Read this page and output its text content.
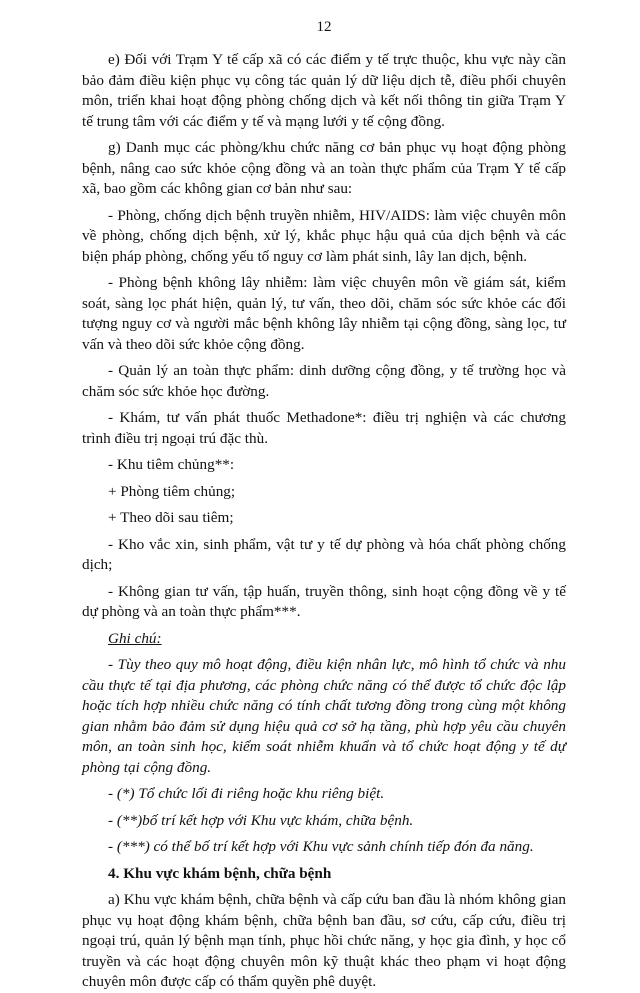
12

e) Đối với Trạm Y tế cấp xã có các điểm y tế trực thuộc, khu vực này cần bảo đảm điều kiện phục vụ công tác quản lý dữ liệu dịch tễ, điều phối chuyên môn, triển khai hoạt động phòng chống dịch và kết nối thông tin giữa Trạm Y tế trung tâm với các điểm y tế và mạng lưới y tế cộng đồng.

g) Danh mục các phòng/khu chức năng cơ bản phục vụ hoạt động phòng bệnh, nâng cao sức khỏe cộng đồng và an toàn thực phẩm của Trạm Y tế cấp xã, bao gồm các không gian cơ bản như sau:

- Phòng, chống dịch bệnh truyền nhiễm, HIV/AIDS: làm việc chuyên môn về phòng, chống dịch bệnh, xử lý, khắc phục hậu quả của dịch bệnh và các biện pháp phòng, chống yếu tố nguy cơ làm phát sinh, lây lan dịch, bệnh.

- Phòng bệnh không lây nhiễm: làm việc chuyên môn về giám sát, kiểm soát, sàng lọc phát hiện, quản lý, tư vấn, theo dõi, chăm sóc sức khỏe các đối tượng nguy cơ và người mắc bệnh không lây nhiễm tại cộng đồng, sàng lọc, tư vấn và theo dõi sức khỏe cộng đồng.

- Quản lý an toàn thực phẩm: dinh dưỡng cộng đồng, y tế trường học và chăm sóc sức khỏe học đường.

- Khám, tư vấn phát thuốc Methadone*: điều trị nghiện và các chương trình điều trị ngoại trú đặc thù.

- Khu tiêm chủng**:

+ Phòng tiêm chủng;

+ Theo dõi sau tiêm;

- Kho vắc xin, sinh phẩm, vật tư y tế dự phòng và hóa chất phòng chống dịch;

- Không gian tư vấn, tập huấn, truyền thông, sinh hoạt cộng đồng về y tế dự phòng và an toàn thực phẩm***.

Ghi chú:

- Tùy theo quy mô hoạt động, điều kiện nhân lực, mô hình tổ chức và nhu cầu thực tế tại địa phương, các phòng chức năng có thể được tổ chức độc lập hoặc tích hợp nhiều chức năng có tính chất tương đồng trong cùng một không gian nhằm bảo đảm sử dụng hiệu quả cơ sở hạ tầng, phù hợp yêu cầu chuyên môn, an toàn sinh học, kiểm soát nhiễm khuẩn và tổ chức hoạt động y tế dự phòng tại cộng đồng.

- (*) Tổ chức lối đi riêng hoặc khu riêng biệt.

- (**)bố trí kết hợp với Khu vực khám, chữa bệnh.

- (***) có thể bố trí kết hợp với Khu vực sảnh chính tiếp đón đa năng.

4. Khu vực khám bệnh, chữa bệnh

a) Khu vực khám bệnh, chữa bệnh và cấp cứu ban đầu là nhóm không gian phục vụ hoạt động khám bệnh, chữa bệnh ban đầu, sơ cứu, cấp cứu, điều trị ngoại trú, quản lý bệnh mạn tính, phục hồi chức năng, y học gia đình, y học cổ truyền và các hoạt động chuyên môn kỹ thuật khác theo phạm vi hoạt động chuyên môn được cấp có thẩm quyền phê duyệt.
